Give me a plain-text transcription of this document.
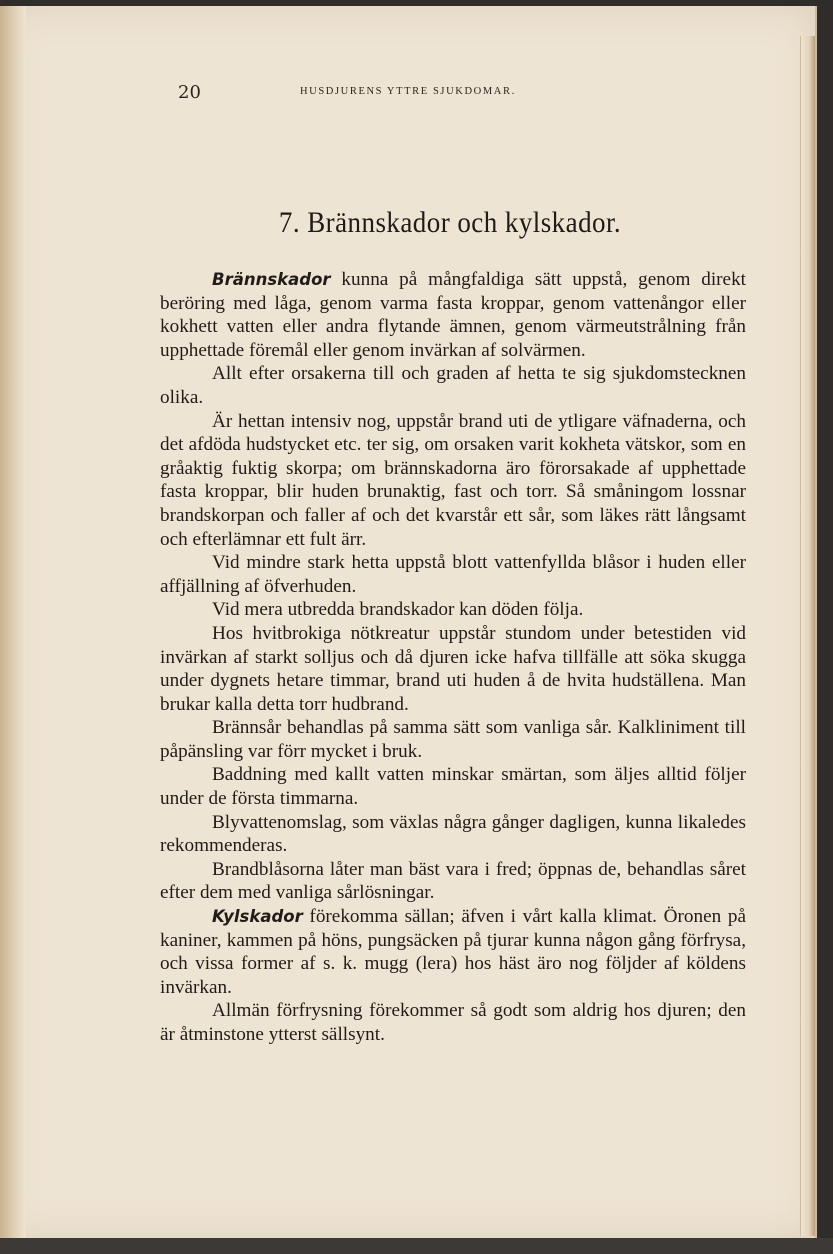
20	HUSDJURENS YTTRE SJUKDOMAR.
7. Brännskador och kylskador.

Brännskador kunna på mångfaldiga sätt uppstå, genom direkt beröring med låga, genom varma fasta kroppar, genom vattenångor eller kokhett vatten eller andra flytande ämnen, genom värmeutstrålning från upphettade föremål eller genom invärkan af solvärmen.

Allt efter orsakerna till och graden af hetta te sig sjukdomstecknen olika.

Är hettan intensiv nog, uppstår brand uti de ytligare väfnaderna, och det afdöda hudstycket etc. ter sig, om orsaken varit kokheta vätskor, som en gråaktig fuktig skorpa; om brännskadorna äro förorsakade af upphettade fasta kroppar, blir huden brunaktig, fast och torr. Så småningom lossnar brandskorpan och faller af och det kvarstår ett sår, som läkes rätt långsamt och efterlämnar ett fult ärr.

Vid mindre stark hetta uppstå blott vattenfyllda blåsor i huden eller affjällning af öfverhuden.

Vid mera utbredda brandskador kan döden följa.

Hos hvitbrokiga nötkreatur uppstår stundom under betestiden vid invärkan af starkt solljus och då djuren icke hafva tillfälle att söka skugga under dygnets hetare timmar, brand uti huden å de hvita hudställena. Man brukar kalla detta torr hudbrand.

Brännsår behandlas på samma sätt som vanliga sår. Kalkliniment till påpänsling var förr mycket i bruk.

Baddning med kallt vatten minskar smärtan, som äljes alltid följer under de första timmarna.

Blyvattenomslag, som växlas några gånger dagligen, kunna likaledes rekommenderas.

Brandblåsorna låter man bäst vara i fred; öppnas de, behandlas såret efter dem med vanliga sårlösningar.

Kylskador förekomma sällan; äfven i vårt kalla klimat. Öronen på kaniner, kammen på höns, pungsäcken på tjurar kunna någon gång förfrysa, och vissa former af s. k. mugg (lera) hos häst äro nog följder af köldens invärkan.

Allmän förfrysning förekommer så godt som aldrig hos djuren; den är åtminstone ytterst sällsynt.
